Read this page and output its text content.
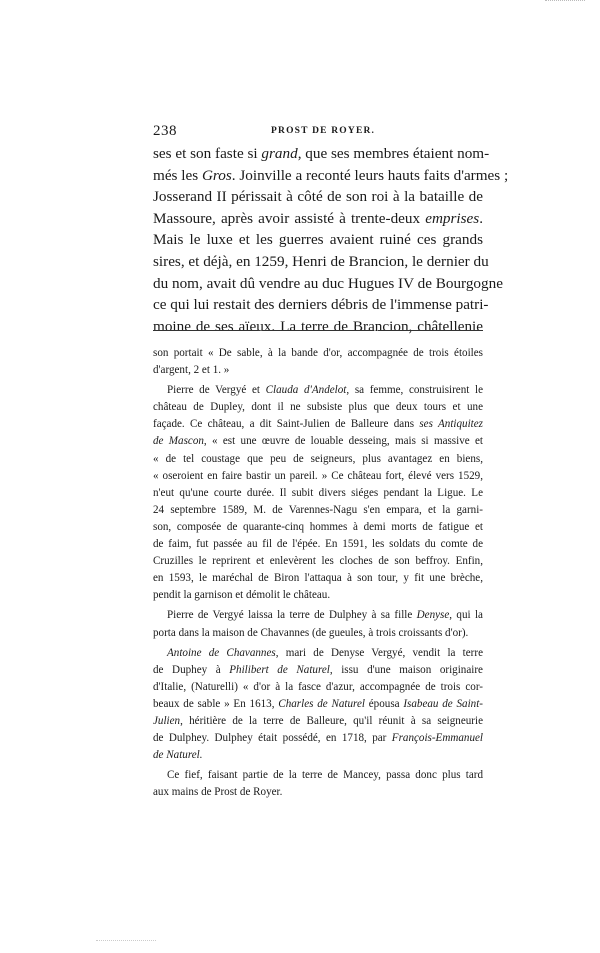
238	PROST DE ROYER.
ses et son faste si grand, que ses membres étaient nom-
més les Gros. Joinville a reconté leurs hauts faits d'armes ;
Josserand II périssait à côté de son roi à la bataille de
Massoure, après avoir assisté à trente-deux emprises.
Mais le luxe et les guerres avaient ruiné ces grands
sires, et déjà, en 1259, Henri de Brancion, le dernier du
du nom, avait dû vendre au duc Hugues IV de Bourgogne
ce qui lui restait des derniers débris de l'immense patri-
moine de ses aïeux. La terre de Brancion, châtellenie
son portait « De sable, à la bande d'or, accompagnée de trois étoiles
d'argent, 2 et 1. »
Pierre de Vergyé et Clauda d'Andelot, sa femme, construisirent le
château de Dupley, dont il ne subsiste plus que deux tours et une
façade. Ce château, a dit Saint-Julien de Balleure dans ses Antiquitez
de Mascon, « est une œuvre de louable desseing, mais si massive et
« de tel coustage que peu de seigneurs, plus avantagez en biens,
« oseroient en faire bastir un pareil. » Ce château fort, élevé vers 1529,
n'eut qu'une courte durée. Il subit divers siéges pendant la Ligue. Le
24 septembre 1589, M. de Varennes-Nagu s'en empara, et la garni-
son, composée de quarante-cinq hommes à demi morts de fatigue et
de faim, fut passée au fil de l'épée. En 1591, les soldats du comte de
Cruzilles le reprirent et enlevèrent les cloches de son beffroy. Enfin,
en 1593, le maréchal de Biron l'attaqua à son tour, y fit une brèche,
pendit la garnison et démolit le château.
Pierre de Vergyé laissa la terre de Dulphey à sa fille Denyse, qui la
porta dans la maison de Chavannes (de gueules, à trois croissants d'or).
Antoine de Chavannes, mari de Denyse Vergyé, vendit la terre
de Duphey à Philibert de Naturel, issu d'une maison originaire
d'Italie, (Naturelli) « d'or à la fasce d'azur, accompagnée de trois cor-
beaux de sable » En 1613, Charles de Naturel épousa Isabeau de Saint-
Julien, héritière de la terre de Balleure, qu'il réunit à sa seigneurie
de Dulphey. Dulphey était possédé, en 1718, par François-Emmanuel
de Naturel.
Ce fief, faisant partie de la terre de Mancey, passa donc plus tard
aux mains de Prost de Royer.
